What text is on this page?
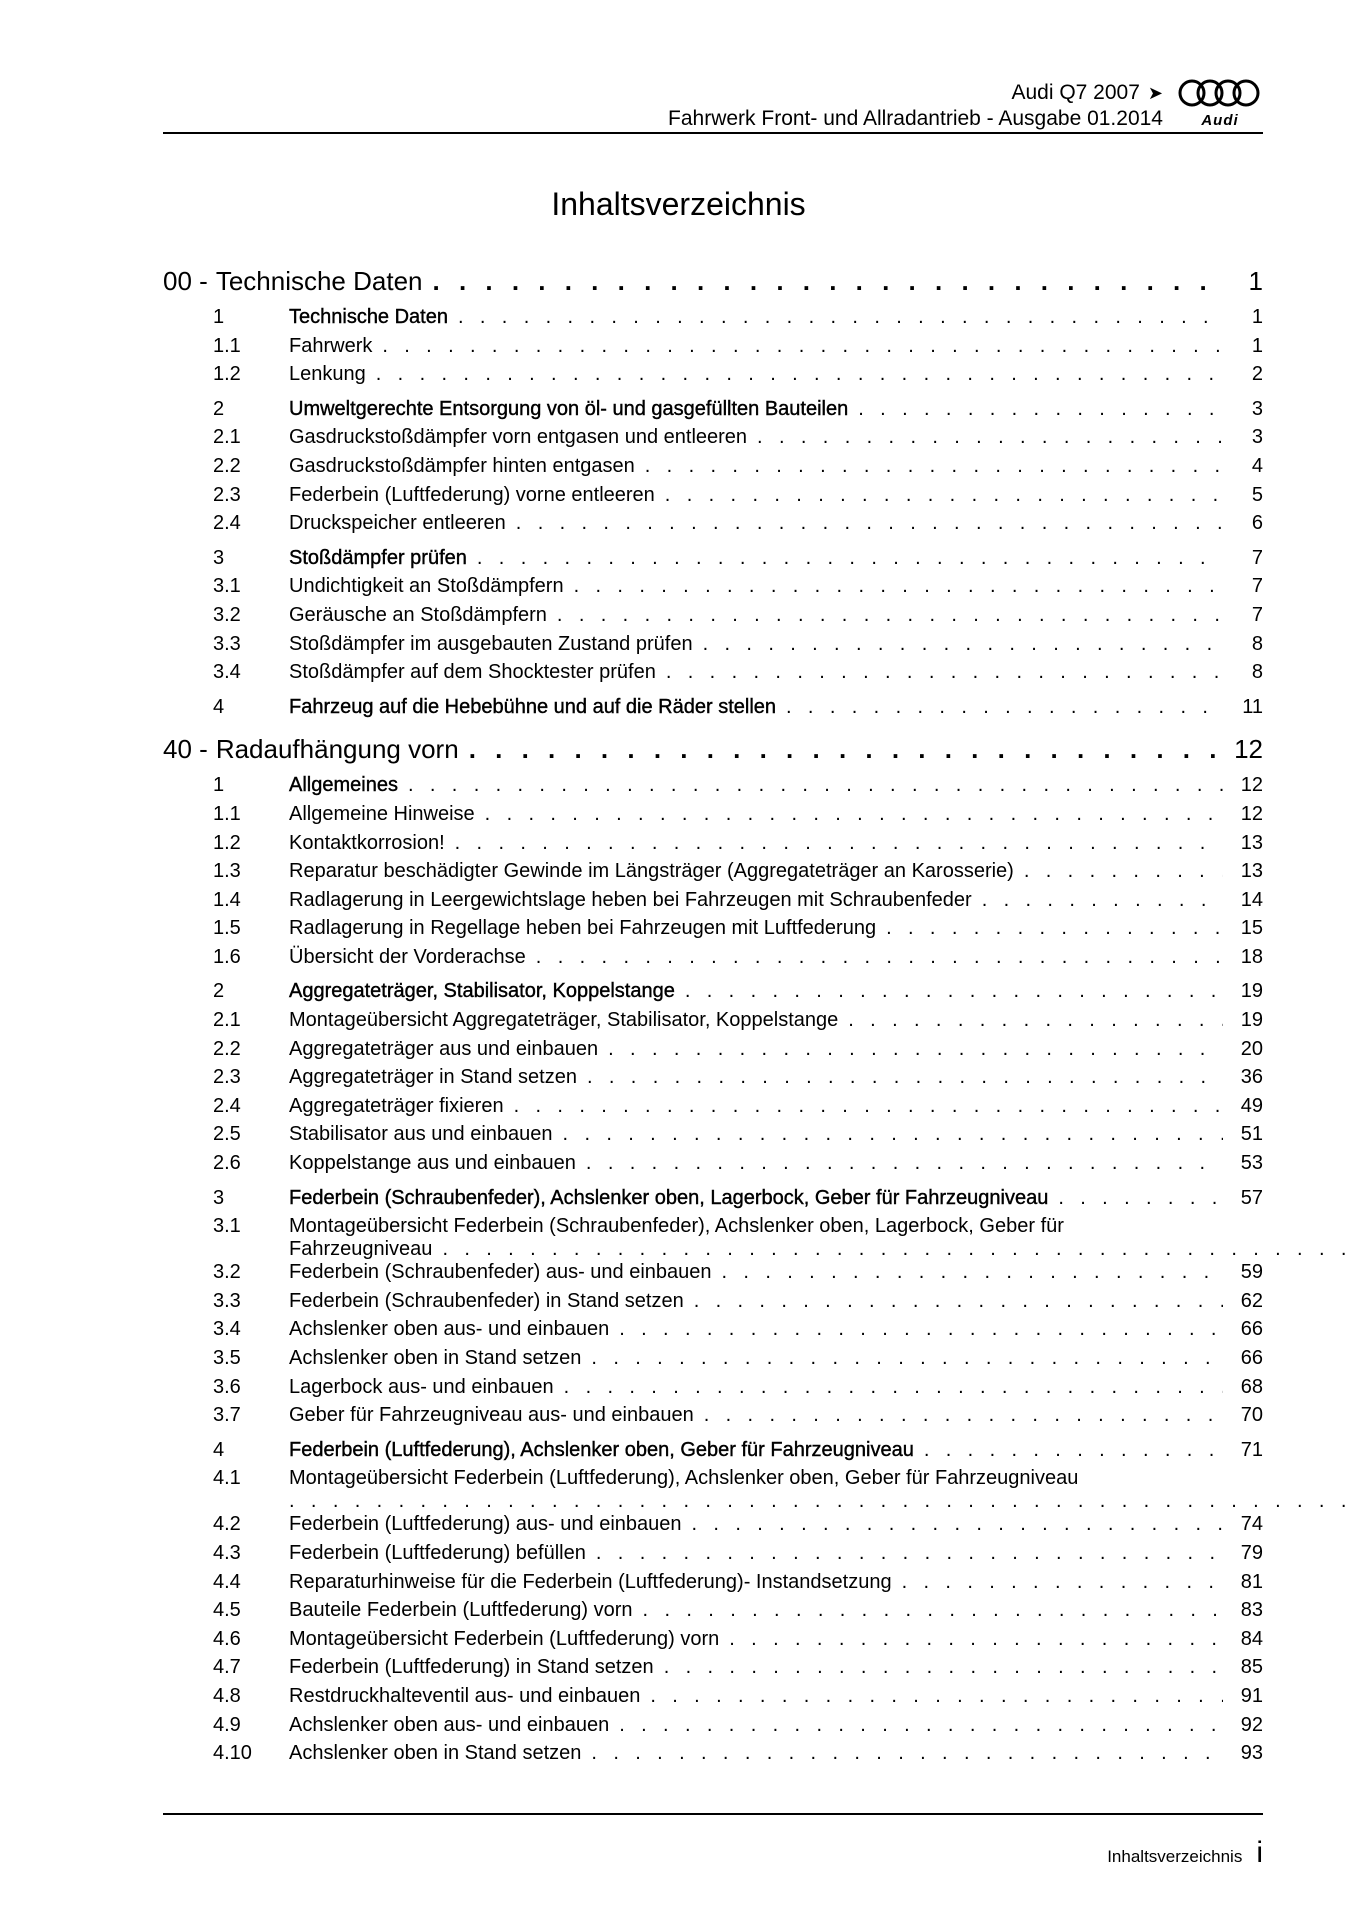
Audi Q7 2007 ➤
Fahrwerk Front- und Allradantrieb - Ausgabe 01.2014	Audi
Inhaltsverzeichnis
00 - Technische Daten . . .	1
1	Technische Daten . . .	1
1.1	Fahrwerk . . .	1
1.2	Lenkung . . .	2
2	Umweltgerechte Entsorgung von öl- und gasgefüllten Bauteilen . . .	3
2.1	Gasdruckstoßdämpfer vorn entgasen und entleeren . . .	3
2.2	Gasdruckstoßdämpfer hinten entgasen . . .	4
2.3	Federbein (Luftfederung) vorne entleeren . . .	5
2.4	Druckspeicher entleeren . . .	6
3	Stoßdämpfer prüfen . . .	7
3.1	Undichtigkeit an Stoßdämpfern . . .	7
3.2	Geräusche an Stoßdämpfern . . .	7
3.3	Stoßdämpfer im ausgebauten Zustand prüfen . . .	8
3.4	Stoßdämpfer auf dem Shocktester prüfen . . .	8
4	Fahrzeug auf die Hebebühne und auf die Räder stellen . . .	11
40 - Radaufhängung vorn . . .	12
1	Allgemeines . . .	12
1.1	Allgemeine Hinweise . . .	12
1.2	Kontaktkorrosion! . . .	13
1.3	Reparatur beschädigter Gewinde im Längsträger (Aggregateträger an Karosserie) . . .	13
1.4	Radlagerung in Leergewichtslage heben bei Fahrzeugen mit Schraubenfeder . . .	14
1.5	Radlagerung in Regellage heben bei Fahrzeugen mit Luftfederung . . .	15
1.6	Übersicht der Vorderachse . . .	18
2	Aggregateträger, Stabilisator, Koppelstange . . .	19
2.1	Montageübersicht Aggregateträger, Stabilisator, Koppelstange . . .	19
2.2	Aggregateträger aus und einbauen . . .	20
2.3	Aggregateträger in Stand setzen . . .	36
2.4	Aggregateträger fixieren . . .	49
2.5	Stabilisator aus und einbauen . . .	51
2.6	Koppelstange aus und einbauen . . .	53
3	Federbein (Schraubenfeder), Achslenker oben, Lagerbock, Geber für Fahrzeugniveau . . .	57
3.1	Montageübersicht Federbein (Schraubenfeder), Achslenker oben, Lagerbock, Geber für
Fahrzeugniveau
. . .
3.2	Federbein (Schraubenfeder) aus- und einbauen . . .	59
3.3	Federbein (Schraubenfeder) in Stand setzen . . .	62
3.4	Achslenker oben aus- und einbauen . . .	66
3.5	Achslenker oben in Stand setzen . . .	66
3.6	Lagerbock aus- und einbauen . . .	68
3.7	Geber für Fahrzeugniveau aus- und einbauen . . .	70
4	Federbein (Luftfederung), Achslenker oben, Geber für Fahrzeugniveau . . .	71
4.1	Montageübersicht Federbein (Luftfederung), Achslenker oben, Geber für Fahrzeugniveau
. . .
4.2	Federbein (Luftfederung) aus- und einbauen . . .	74
4.3	Federbein (Luftfederung) befüllen . . .	79
4.4	Reparaturhinweise für die Federbein (Luftfederung)- Instandsetzung . . .	81
4.5	Bauteile Federbein (Luftfederung) vorn . . .	83
4.6	Montageübersicht Federbein (Luftfederung) vorn . . .	84
4.7	Federbein (Luftfederung) in Stand setzen . . .	85
4.8	Restdruckhalteventil aus- und einbauen . . .	91
4.9	Achslenker oben aus- und einbauen . . .	92
4.10	Achslenker oben in Stand setzen . . .	93
Inhaltsverzeichnis i
